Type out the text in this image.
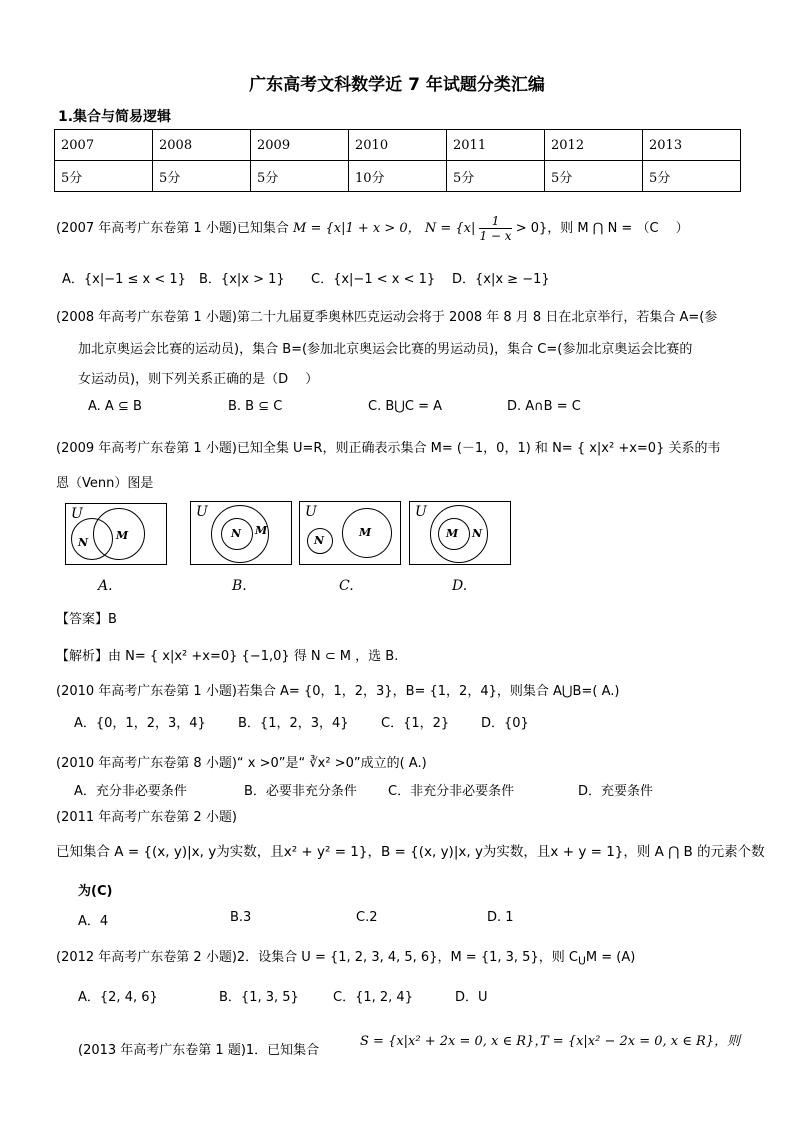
广东高考文科数学近 7 年试题分类汇编
1.集合与简易逻辑
2007	2008	2009	2010	2011	2012	2013
5分	5分	5分	10分	5分	5分	5分
(2007 年高考广东卷第 1 小题)已知集合 M = {x|1 + x > 0， $N = \{x| \frac{1}{1 - x} > 0\}$，则 M ⋂ N = （C　 ）
A．{x|−1 ≤ x < 1} B．{x|x > 1} C．{x|−1 < x < 1} D．{x|x ≥ −1}
(2008 年高考广东卷第 1 小题)第二十九届夏季奥林匹克运动会将于 2008 年 8 月 8 日在北京举行，若集合 A=(参
加北京奥运会比赛的运动员)，集合 B=(参加北京奥运会比赛的男运动员)，集合 C=(参加北京奥运会比赛的
女运动员)，则下列关系正确的是（D　 ）
A. A ⊆ B	B. B ⊆ C	C. B⋃C = A	D. A∩B = C
(2009 年高考广东卷第 1 小题)已知全集 U=R，则正确表示集合 M= (－1，0，1) 和 N= { x|x² +x=0} 关系的韦
恩（Venn）图是
U
N
M
U
N M
U
N
M
U
M N
A.	B.	C.	D.
【答案】B
【解析】由 N= { x|x² +x=0} {−1,0} 得 N ⊂ M ，选 B.
(2010 年高考广东卷第 1 小题)若集合 A= {0，1，2，3}，B= {1，2，4}，则集合 A⋃B=( A.)
A．{0，1，2，3，4} B．{1，2，3，4} C．{1，2} D．{0}
(2010 年高考广东卷第 8 小题)“ x >0”是“ ∛x² >0”成立的( A.)
A．充分非必要条件	B．必要非充分条件 C．非充分非必要条件	D．充要条件
(2011 年高考广东卷第 2 小题)
已知集合 A = {(x, y)|x, y为实数，且x² + y² = 1}，B = {(x, y)|x, y为实数，且x + y = 1}，则 A ⋂ B 的元素个数
为(C)
A．4	B.3	C.2	D. 1
(2012 年高考广东卷第 2 小题)2．设集合 U = {1, 2, 3, 4, 5, 6}，M = {1, 3, 5}，则 $C_UM = (A)$
A．{2, 4, 6}	B．{1, 3, 5}	C．{1, 2, 4}	D．U
(2013 年高考广东卷第 1 题)1．已知集合
S = {x|x² + 2x = 0, x ∈ R}，
T = {x|x² − 2x = 0, x ∈ R}，则
